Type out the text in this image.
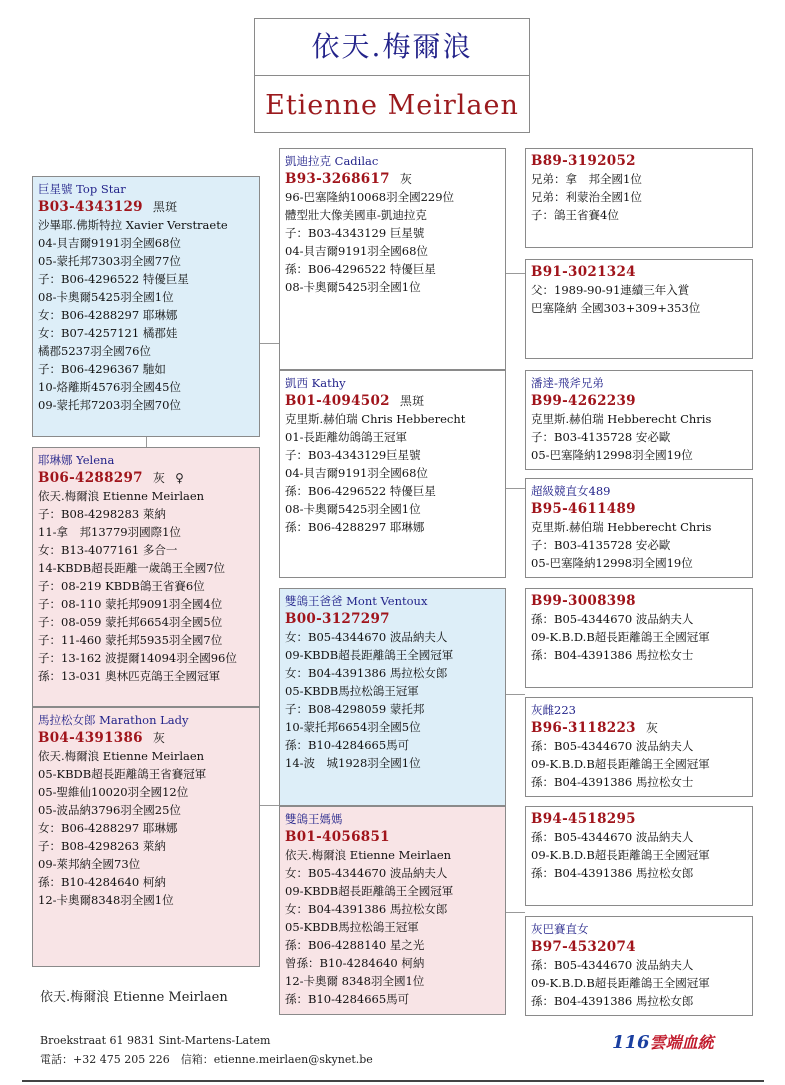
依天.梅爾浪
Etienne Meirlaen
巨星號 Top Star
B03-4343129 黑斑
沙畢耶.佛斯特拉 Xavier Verstraete
04-貝吉爾9191羽全國68位
05-蒙托邦7303羽全國77位
子：B06-4296522 特優巨星
08-卡奧爾5425羽全國1位
女：B06-4288297 耶琳娜
女：B07-4257121 橘郡娃
橘郡5237羽全國76位
子：B06-4296367 馳如
10-烙離斯4576羽全國45位
09-蒙托邦7203羽全國70位
耶琳娜 Yelena
B06-4288297 灰 ♀
依天.梅爾浪 Etienne Meirlaen
子：B08-4298283 萊納
11-拿　邦13779羽國際1位
女：B13-4077161 多合一
14-KBDB超長距離一歲鴿王全國7位
子：08-219 KBDB鴿王省賽6位
子：08-110 蒙托邦9091羽全國4位
子：08-059 蒙托邦6654羽全國5位
子：11-460 蒙托邦5935羽全國7位
子：13-162 波提爾14094羽全國96位
孫：13-031 奧林匹克鴿王全國冠軍
馬拉松女郎 Marathon Lady
B04-4391386 灰
依天.梅爾浪 Etienne Meirlaen
05-KBDB超長距離鴿王省賽冠軍
05-聖維仙10020羽全國12位
05-波品納3796羽全國25位
女：B06-4288297 耶琳娜
子：B08-4298263 萊納
09-萊邦納全國73位
孫：B10-4284640 柯納
12-卡奧爾8348羽全國1位
凱迪拉克 Cadilac
B93-3268617 灰
96-巴塞隆納10068羽全國229位
體型壯大像美國車-凱迪拉克
子：B03-4343129 巨星號
04-貝吉爾9191羽全國68位
孫：B06-4296522 特優巨星
08-卡奧爾5425羽全國1位
凱西 Kathy
B01-4094502 黑斑
克里斯.赫伯瑞 Chris Hebberecht
01-長距離幼鴿鴿王冠軍
子：B03-4343129巨星號
04-貝吉爾9191羽全國68位
孫：B06-4296522 特優巨星
08-卡奧爾5425羽全國1位
孫：B06-4288297 耶琳娜
雙鴿王爸爸 Mont Ventoux
B00-3127297
女：B05-4344670 波品納夫人
09-KBDB超長距離鴿王全國冠軍
女：B04-4391386 馬拉松女郎
05-KBDB馬拉松鴿王冠軍
子：B08-4298059 蒙托邦
10-蒙托邦6654羽全國5位
孫：B10-4284665馬可
14-波　城1928羽全國1位
雙鴿王媽媽
B01-4056851
依天.梅爾浪 Etienne Meirlaen
女：B05-4344670 波品納夫人
09-KBDB超長距離鴿王全國冠軍
女：B04-4391386 馬拉松女郎
05-KBDB馬拉松鴿王冠軍
孫：B06-4288140 星之光
曾孫：B10-4284640 柯納
12-卡奧爾 8348羽全國1位
孫：B10-4284665馬可
B89-3192052
兄弟：拿　邦全國1位
兄弟：利蒙治全國1位
子：鴿王省賽4位
B91-3021324
父：1989-90-91連續三年入賞
巴塞隆納 全國303+309+353位
潘達-飛斧兄弟
B99-4262239
克里斯.赫伯瑞 Hebberecht Chris
子：B03-4135728 安必歐
05-巴塞隆納12998羽全國19位
超級競直女489
B95-4611489
克里斯.赫伯瑞 Hebberecht Chris
子：B03-4135728 安必歐
05-巴塞隆納12998羽全國19位
B99-3008398
孫：B05-4344670 波品納夫人
09-K.B.D.B超長距離鴿王全國冠軍
孫：B04-4391386 馬拉松女士
灰雌223
B96-3118223 灰
孫：B05-4344670 波品納夫人
09-K.B.D.B超長距離鴿王全國冠軍
孫：B04-4391386 馬拉松女士
B94-4518295
孫：B05-4344670 波品納夫人
09-K.B.D.B超長距離鴿王全國冠軍
孫：B04-4391386 馬拉松女郎
灰巴賽直女
B97-4532074
孫：B05-4344670 波品納夫人
09-K.B.D.B超長距離鴿王全國冠軍
孫：B04-4391386 馬拉松女郎
依天.梅爾浪 Etienne Meirlaen
Broekstraat 61 9831 Sint-Martens-Latem
電話：+32 475 205 226　信箱：etienne.meirlaen@skynet.be
116雲端血統
